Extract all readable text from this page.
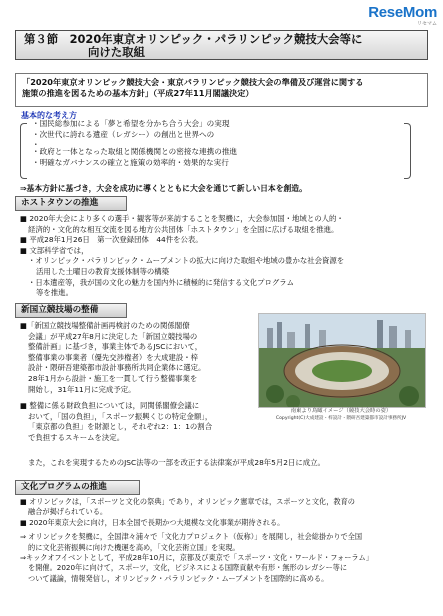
ReseMom
リセマム
第３節　2020年東京オリンピック・パラリンピック競技大会等に
向けた取組
「2020年東京オリンピック競技大会・東京パラリンピック競技大会の準備及び運営に関する
施策の推進を図るための基本方針」（平成27年11月閣議決定）
基本的な考え方
・ 国民総参加による「夢と希望を分かち合う大会」の実現
・ 次世代に誇れる遺産（レガシー）の創出と世界への
・
・ 政府と一体となった取組と関係機関との密接な連携の推進
・ 明確なガバナンスの確立と施策の効率的・効果的な実行
⇒基本方針に基づき，大会を成功に導くとともに大会を通じて新しい日本を創造。
ホストタウンの推進

■ 2020年大会により多くの選手・観客等が来訪することを契機に，大会参加国・地域との人的・

経済的・文化的な相互交流を図る地方公共団体「ホストタウン」を全国に広げる取組を推進。

■ 平成28年1月26日　第一次登録団体　44件を公表。

■ 文部科学省では，

・オリンピック・パラリンピック・ムーブメントの拡大に向けた取組や地域の豊かな社会資源を

活用した土曜日の教育支援体制等の構築

・日本遺産等，我が国の文化の魅力を国内外に積極的に発信する文化プログラム

等を推進。

新国立競技場の整備

■「新国立競技場整備計画再検討のための関係閣僚

会議」が平成27年8月に決定した「新国立競技場の

整備計画」に基づき，事業主体であるJSCにおいて，

整備事業の事業者（優先交渉権者）を大成建設・梓

設計・隈研吾建築都市設計事務所共同企業体に選定。

28年1月から設計・施工を一貫して行う整備事業を

開始し，31年11月に完成予定。

■ 整備に係る財政負担については，同関係閣僚会議に

おいて，「国の負担」，「スポーツ振興くじの特定金額」，

「東京都の負担」を財源とし，それぞれ2：1：1の割合

で負担するスキームを決定。

また，これを実現するためのJSC法等の一部を改正する法律案が平成28年5月2日に成立。
南東より鳥瞰イメージ（競技大会時の姿）
Copyright(C)大成建設・梓設計・隈研吾建築都市設計事務所JV
文化プログラムの推進

■ オリンピックは，「スポーツと文化の祭典」であり，オリンピック憲章では，スポーツと文化，教育の

融合が掲げられている。

■ 2020年東京大会に向け，日本全国で長期かつ大規模な文化事業が期待される。

⇒ オリンピックを契機に，全国津々浦々で「文化力プロジェクト（仮称）」を展開し，社会総掛かりで全国

的に文化芸術振興に向けた機運を高め，「文化芸術立国」を実現。

⇒キックオフイベントとして，平成28年10月に，京都及び東京で「スポーツ・文化・ワールド・フォーラム」

を開催。2020年に向けて，スポーツ，文化，ビジネスによる国際貢献や有形・無形のレガシー等に

ついて議論，情報発信し，オリンピック・パラリンピック・ムーブメントを国際的に高める。
